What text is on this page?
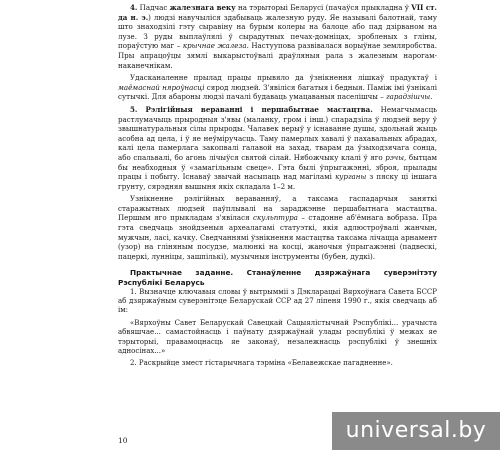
4. Падчас жалезнага веку на тэрыторыі Беларусі (пачаўся прыкладна ў VII ст. да н. э.) людзі навучыліся здабываць жалезную руду. Яе называлі балотнай, таму што знаходзілі гэту сыравіну на бурым колеры на балоце або пад дзірваном на лузе. З руды выплаўлялі ў сырадутных печах-домніцах, зробленых з гліны, пораўстую маг – крычнае жалеза. Настуупова развівалася ворыўнае земляробства. Пры апрацоўцы зямлі выкарыстоўвалі драўляныя рала з жалезным нарогам-наканечнікам.

Удасканаленне прылад працы прывяло да ўзнікнення лішкаў прадуктаў і маёмаснай няроўнасці сярод людзей. З'явіліся багатыя і бедныя. Паміж імі ўзнікалі сутычкі. Для абароны людзі пачалі будаваць умацаваныя паселішчы – гарадзішчы.

5. Рэлігійныя вераванні і першабытнае мастацтва. Немагчымасць растлумачыць прыродныя з'явы (маланку, гром і інш.) спарадзіла ў людзей веру ў звышнатуральныя сілы прыроды. Чалавек верыў у існаванне душы, здольнай жыць асобна ад цела, і ў яе неўміручасць. Таму памерлых хавалі ў пахавальных абрадах, калі цела памерлага закопвалі галавой на захад, тварам да ўзыходзячага сонца, або спальвалі, бо агонь лічыўся святой сілай. Нябожчыку клалі ў яго рэчы, бытцам бы неабходныя ў «замагільным свеце». Гэта былі ўпрыгажэнні, зброя, прылады працы і побыту. Існаваў звычай насыпаць над магіламі курганы з пяску ці іншага грунту, сярэдняя вышыня якіх складала 1–2 м.

Узнікненне рэлігійных вераванняў, а таксама гаспадарчыя заняткі старажытных людзей паўплывалі на зараджэнне першабытнага мастацтва. Першым яго прыкладам з'явілася скульптура – стадонне аб'ёмнага вобраза. Пра гэта сведчаць знойдзеныя археалагамі статуэткі, якія адлюстроўвалі жанчын, мужчын, ласі, качку. Сведчаннямі ўзнікнення мастацтва таксама лічацца арнамент (узор) на гліняным посудзе, малюнкі на косці, жаночыя ўпрыгажэнні (падвескі, пацеркі, лунніцы, зашпількі), музычныя інструменты (бубен, дудкі).

Практычнае заданне. Станаўленне дзяржаўнага суверэнітэту Рэспублікі Беларусь

1. Вызначце ключавыя словы ў вытрымміі з Дэкларацыі Вярхоўнага Савета БССР аб дзяржаўным суверэнітэце Беларускай ССР ад 27 ліпеня 1990 г., якія сведчаць аб ім:

«Вярхоўны Савет Беларускай Савецкай Сацыялістычнай Рэспублікі... урачыста абвяшчае... самастойнасць і паўнату дзяржаўнай улады рэспублікі ў межах яе тэрыторыі, правамоцнасць яе законаў, незалежнасць рэспублікі ў знешніх адносінах...»

2. Раскрыйце змест гістарычнага тэрміна «Белавежскае пагадненне».

10	universal.by
